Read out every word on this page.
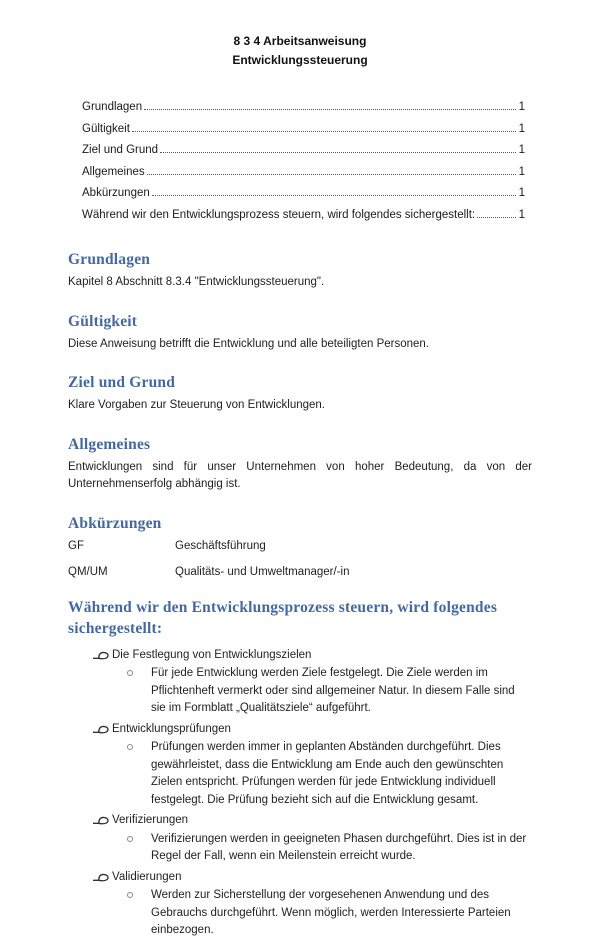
8 3 4 Arbeitsanweisung
Entwicklungssteuerung
Grundlagen	1
Gültigkeit	1
Ziel und Grund	1
Allgemeines	1
Abkürzungen	1
Während wir den Entwicklungsprozess steuern, wird folgendes sichergestellt:	1
Grundlagen

Kapitel 8 Abschnitt 8.3.4 "Entwicklungssteuerung".

Gültigkeit

Diese Anweisung betrifft die Entwicklung und alle beteiligten Personen.

Ziel und Grund

Klare Vorgaben zur Steuerung von Entwicklungen.

Allgemeines

Entwicklungen sind für unser Unternehmen von hoher Bedeutung, da von der Unternehmenserfolg abhängig ist.

Abkürzungen
GF	Geschäftsführung
QM/UM	Qualitäts- und Umweltmanager/-in
Während wir den Entwicklungsprozess steuern, wird folgendes sichergestellt:
Die Festlegung von Entwicklungszielen
Für jede Entwicklung werden Ziele festgelegt. Die Ziele werden im Pflichtenheft vermerkt oder sind allgemeiner Natur. In diesem Falle sind sie im Formblatt „Qualitätsziele“ aufgeführt.
Entwicklungsprüfungen
Prüfungen werden immer in geplanten Abständen durchgeführt. Dies gewährleistet, dass die Entwicklung am Ende auch den gewünschten Zielen entspricht. Prüfungen werden für jede Entwicklung individuell festgelegt. Die Prüfung bezieht sich auf die Entwicklung gesamt.
Verifizierungen
Verifizierungen werden in geeigneten Phasen durchgeführt. Dies ist in der Regel der Fall, wenn ein Meilenstein erreicht wurde.
Validierungen
Werden zur Sicherstellung der vorgesehenen Anwendung und des Gebrauchs durchgeführt. Wenn möglich, werden Interessierte Parteien einbezogen.
